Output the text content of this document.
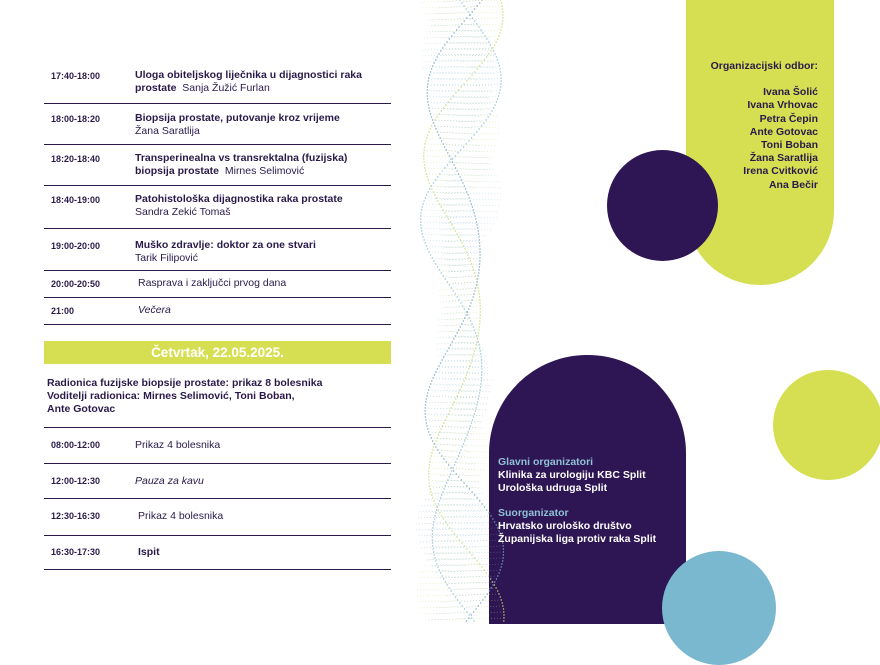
17:40-18:00	Uloga obiteljskog liječnika u dijagnostici raka prostate Sanja Žužić Furlan
18:00-18:20	Biopsija prostate, putovanje kroz vrijeme
Žana Saratlija
18:20-18:40	Transperinealna vs transrektalna (fuzijska) biopsija prostate Mirnes Selimović
18:40-19:00	Patohistološka dijagnostika raka prostate
Sandra Zekić Tomaš
19:00-20:00	Muško zdravlje: doktor za one stvari
Tarik Filipović
20:00-20:50	Rasprava i zaključci prvog dana
21:00	Večera
Četvrtak, 22.05.2025.
Radionica fuzijske biopsije prostate: prikaz 8 bolesnika
Voditelji radionica: Mirnes Selimović, Toni Boban,
Ante Gotovac
08:00-12:00	Prikaz 4 bolesnika
12:00-12:30	Pauza za kavu
12:30-16:30	Prikaz 4 bolesnika
16:30-17:30	Ispit
Organizacijski odbor:
Ivana Šolić
Ivana Vrhovac
Petra Čepin
Ante Gotovac
Toni Boban
Žana Saratlija
Irena Cvitković
Ana Bečir
Glavni organizatori
Klinika za urologiju KBC Split
Urološka udruga Split
Suorganizator
Hrvatsko urološko društvo
Županijska liga protiv raka Split
